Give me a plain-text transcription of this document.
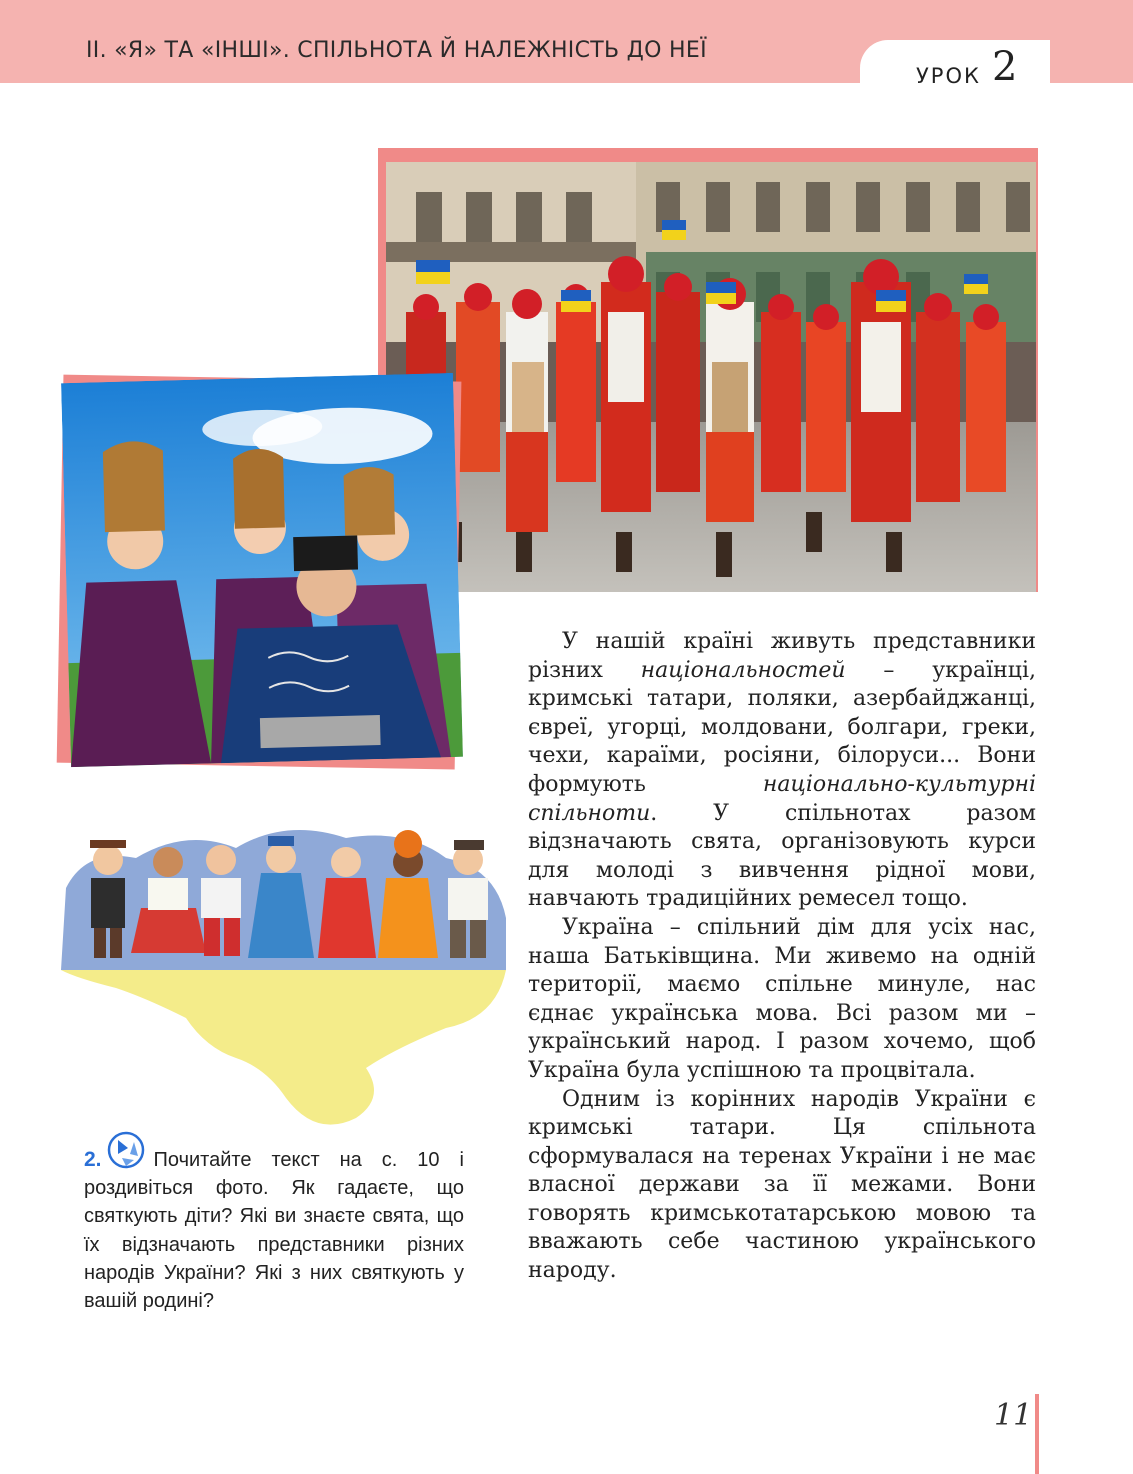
II. «Я» ТА «ІНШІ». СПІЛЬНОТА Й НАЛЕЖНІСТЬ ДО НЕЇ
УРОК 2

У нашій країні живуть представники різних національностей – українці, кримські татари, поляки, азербайджанці, євреї, угорці, молдовани, болгари, греки, чехи, караїми, росіяни, білоруси... Вони формують національно-культурні спільноти. У спільнотах разом відзначають свята, організовують курси для молоді з вивчення рідної мови, навчають традиційних ремесел тощо.

Україна – спільний дім для усіх нас, наша Батьківщина. Ми живемо на одній території, маємо спільне минуле, нас єднає українська мова. Всі разом ми – український народ. І разом хочемо, щоб Україна була успішною та процвітала.

Одним із корінних народів України є кримські татари. Ця спільнота сформувалася на теренах України і не має власної держави за її межами. Вони говорять кримськотатарською мовою та вважають себе частиною українського народу.

2.	Почитайте текст на с. 10 і роздивіться фото. Як гадаєте, що святкують діти? Які ви знаєте свята, що їх відзначають представники різних народів України? Які з них святкують у вашій родині?
11
